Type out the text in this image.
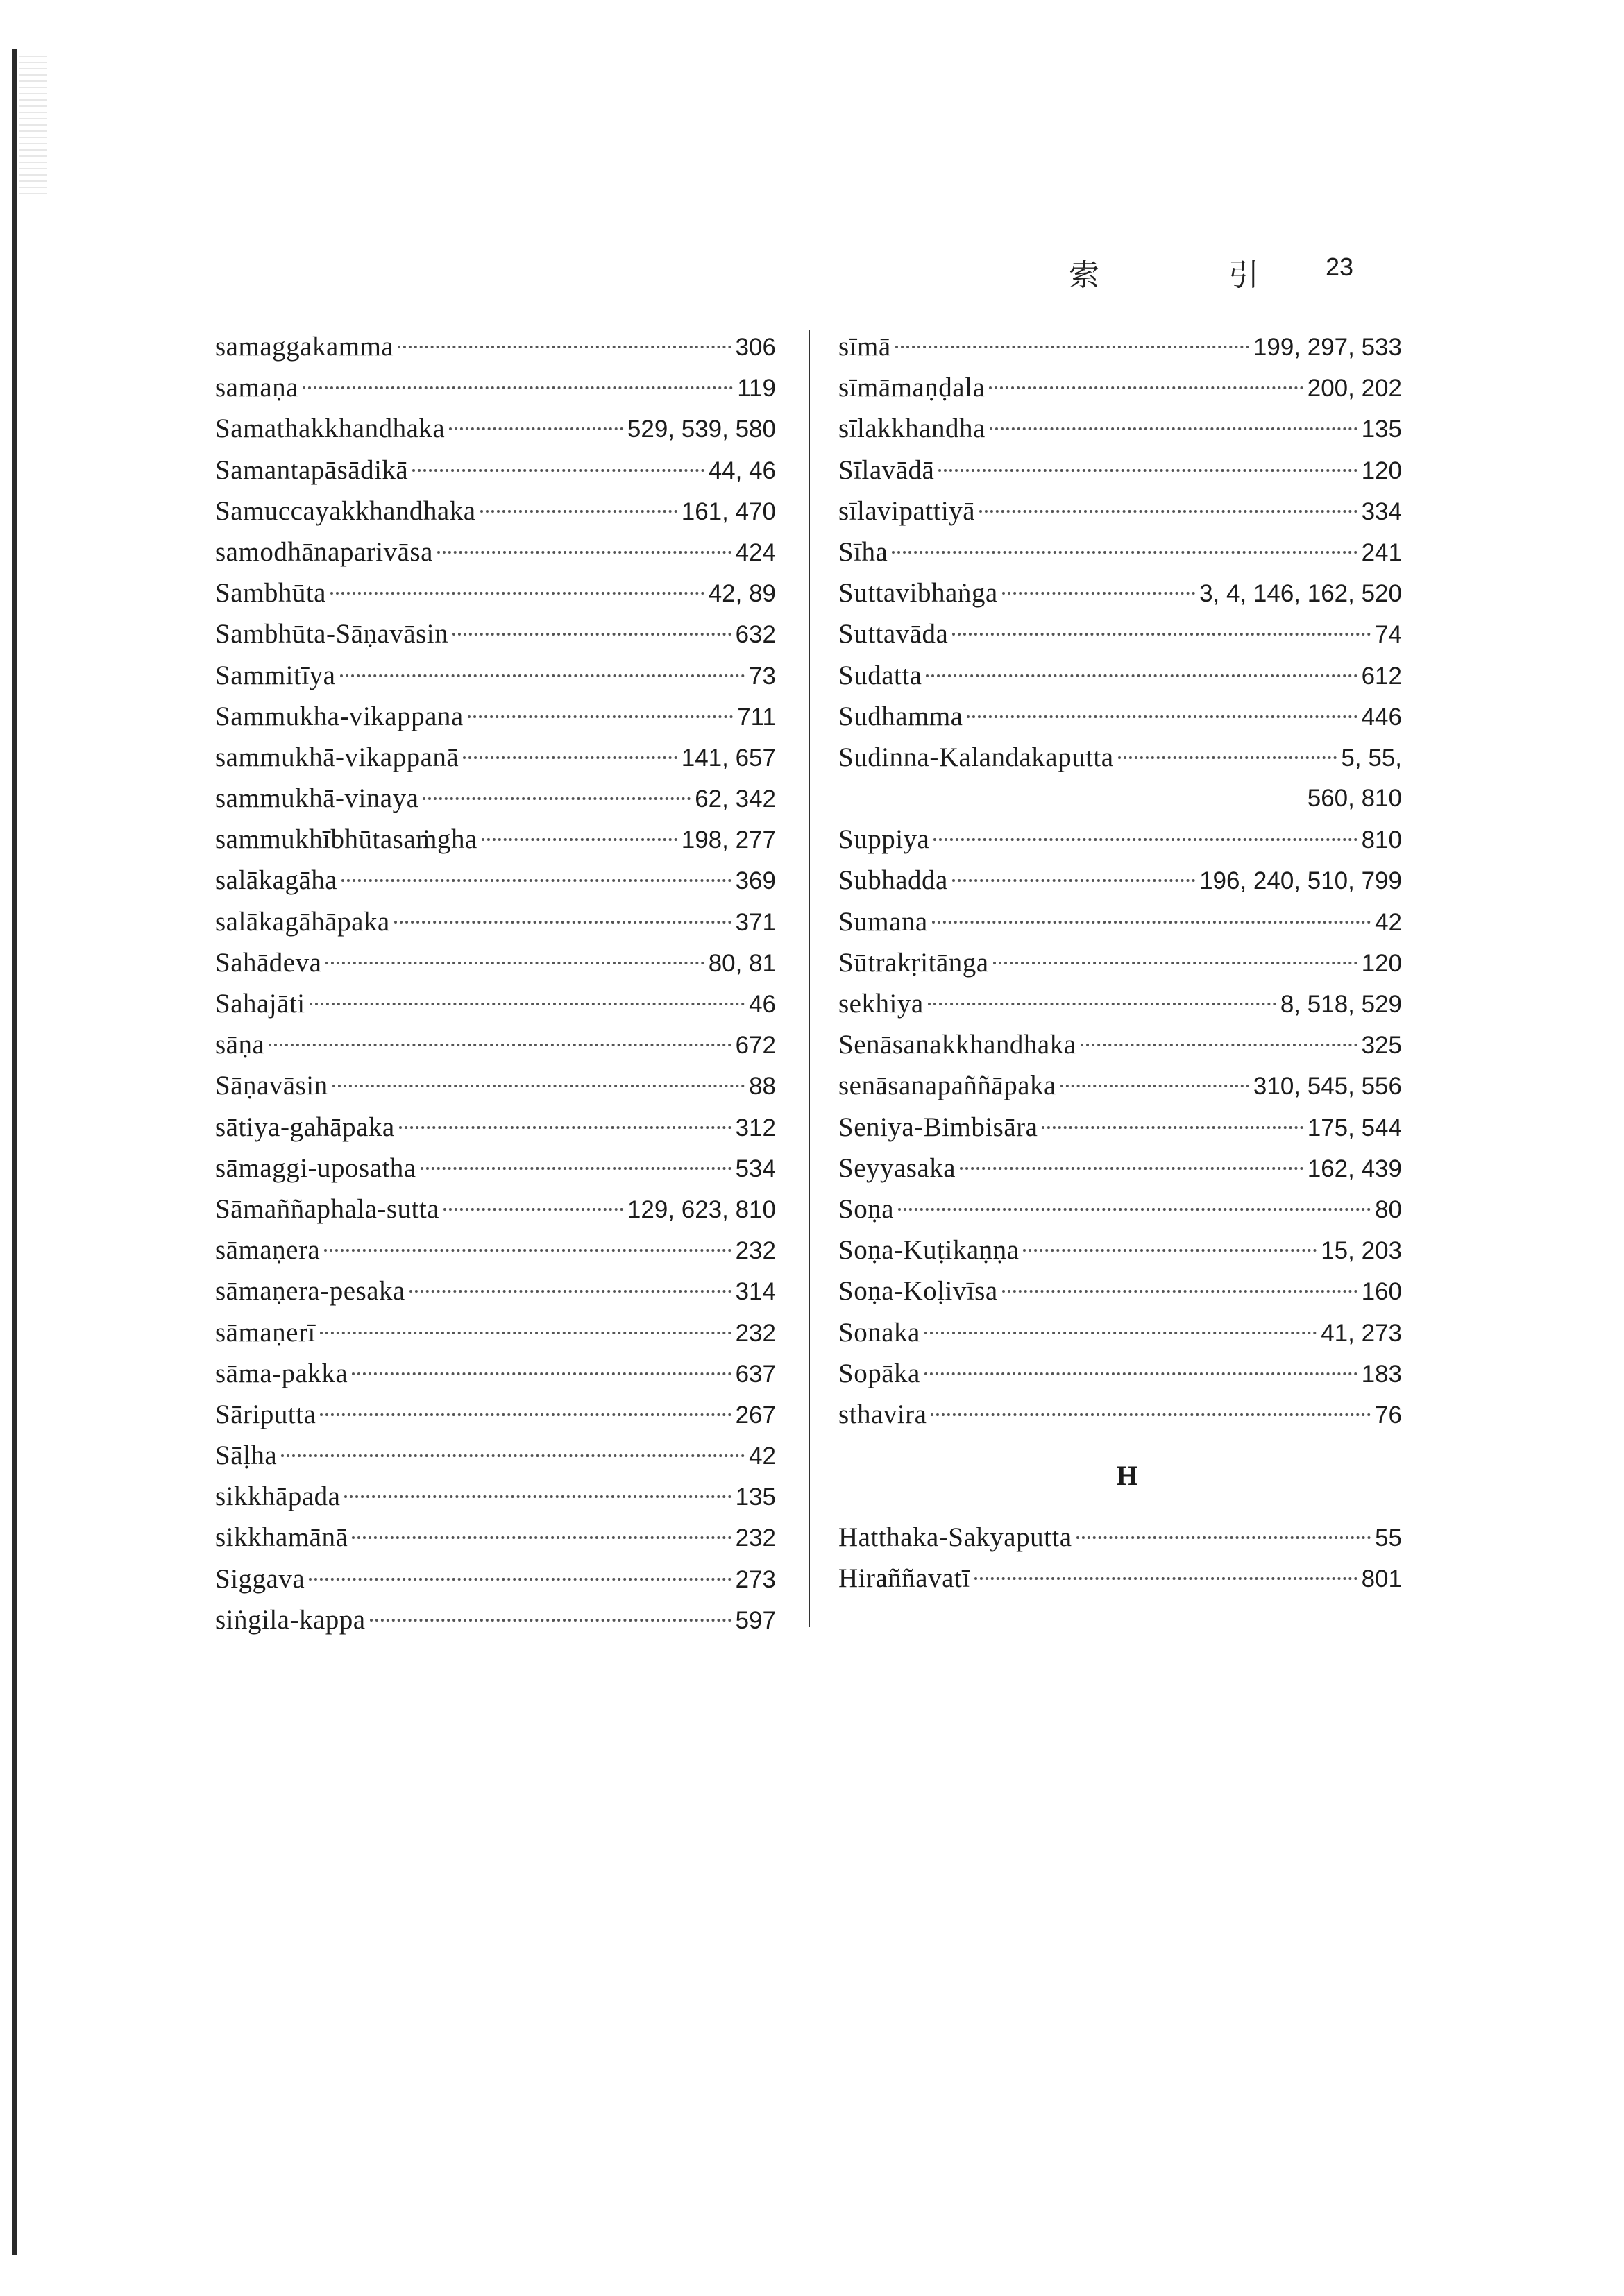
索	引	23
samaggakamma	306
samaṇa	119
Samathakkhandhaka	529, 539, 580
Samantapāsādikā	44, 46
Samuccayakkhandhaka	161, 470
samodhānaparivāsa	424
Sambhūta	42, 89
Sambhūta-Sāṇavāsin	632
Sammitīya	73
Sammukha-vikappana	711
sammukhā-vikappanā	141, 657
sammukhā-vinaya	62, 342
sammukhībhūtasaṁgha	198, 277
salākagāha	369
salākagāhāpaka	371
Sahādeva	80, 81
Sahajāti	46
sāṇa	672
Sāṇavāsin	88
sātiya-gahāpaka	312
sāmaggi-uposatha	534
Sāmaññaphala-sutta	129, 623, 810
sāmaṇera	232
sāmaṇera-pesaka	314
sāmaṇerī	232
sāma-pakka	637
Sāriputta	267
Sāḷha	42
sikkhāpada	135
sikkhamānā	232
Siggava	273
siṅgila-kappa	597
sīmā	199, 297, 533
sīmāmaṇḍala	200, 202
sīlakkhandha	135
Sīlavādā	120
sīlavipattiyā	334
Sīha	241
Suttavibhaṅga	3, 4, 146, 162, 520
Suttavāda	74
Sudatta	612
Sudhamma	446
Sudinna-Kalandakaputta	5, 55,
560, 810
Suppiya	810
Subhadda	196, 240, 510, 799
Sumana	42
Sūtrakṛitānga	120
sekhiya	8, 518, 529
Senāsanakkhandhaka	325
senāsanapaññāpaka	310, 545, 556
Seniya-Bimbisāra	175, 544
Seyyasaka	162, 439
Soṇa	80
Soṇa-Kuṭikaṇṇa	15, 203
Soṇa-Koḷivīsa	160
Sonaka	41, 273
Sopāka	183
sthavira	76
H
Hatthaka-Sakyaputta	55
Hiraññavatī	801
